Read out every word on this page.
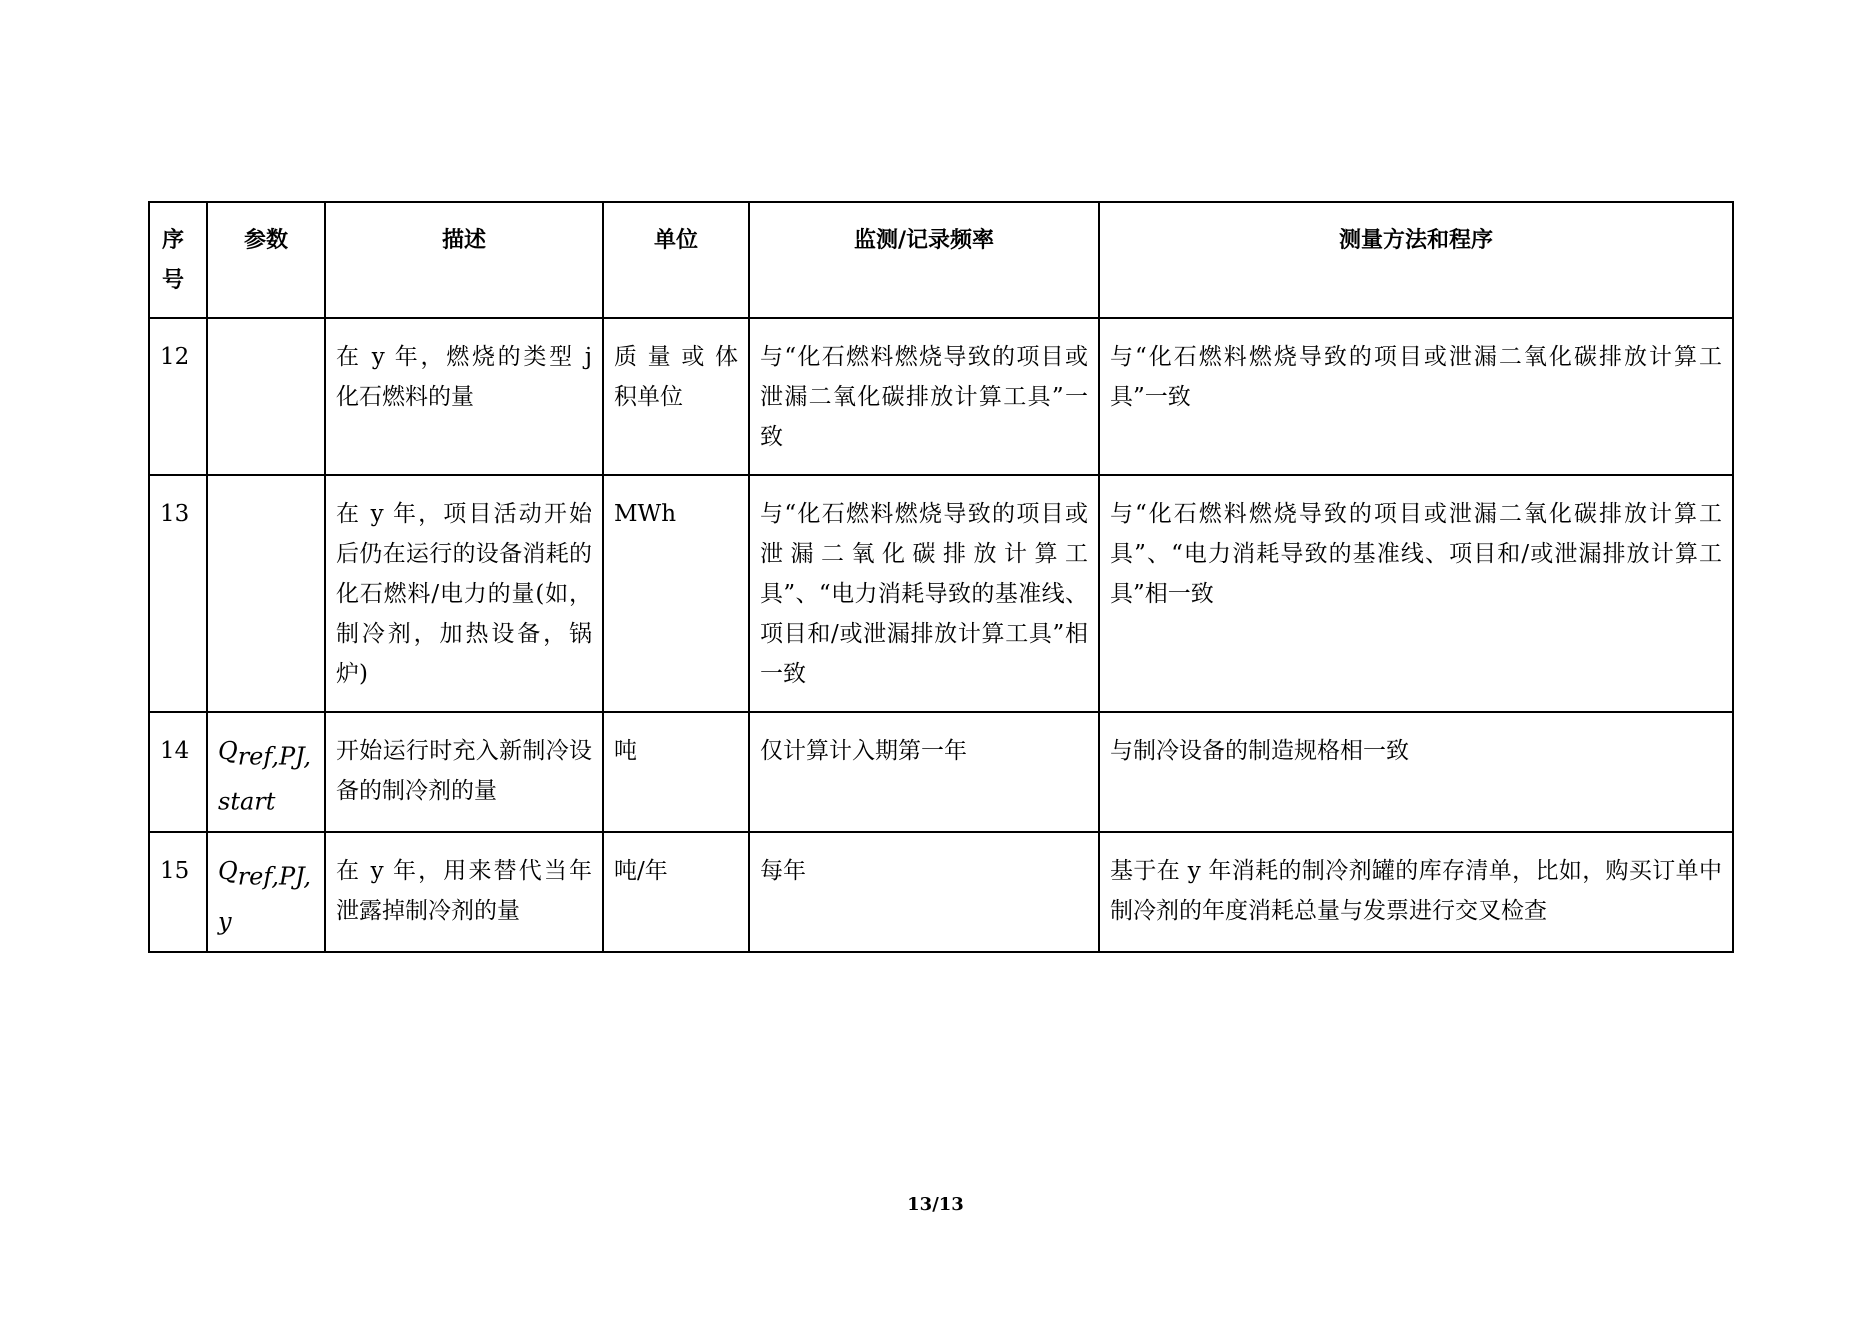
序号	参数	描述	单位	监测/记录频率	测量方法和程序
12		在 y 年，燃烧的类型 j 化石燃料的量	质 量 或 体 积单位	与“化石燃料燃烧导致的项目或泄漏二氧化碳排放计算工具”一致	与“化石燃料燃烧导致的项目或泄漏二氧化碳排放计算工具”一致
13		在 y 年，项目活动开始后仍在运行的设备消耗的化石燃料/电力的量(如，制冷剂，加热设备，锅炉)	MWh	与“化石燃料燃烧导致的项目或泄漏二氧化碳排放计算工具”、“电力消耗导致的基准线、项目和/或泄漏排放计算工具”相一致	与“化石燃料燃烧导致的项目或泄漏二氧化碳排放计算工具”、“电力消耗导致的基准线、项目和/或泄漏排放计算工具”相一致
14	$Q_{ref,PJ,start}$	开始运行时充入新制冷设备的制冷剂的量	吨	仅计算计入期第一年	与制冷设备的制造规格相一致
15	$Q_{ref,PJ,y}$	在 y 年，用来替代当年泄露掉制冷剂的量	吨/年	每年	基于在 y 年消耗的制冷剂罐的库存清单，比如，购买订单中制冷剂的年度消耗总量与发票进行交叉检查
13/13
